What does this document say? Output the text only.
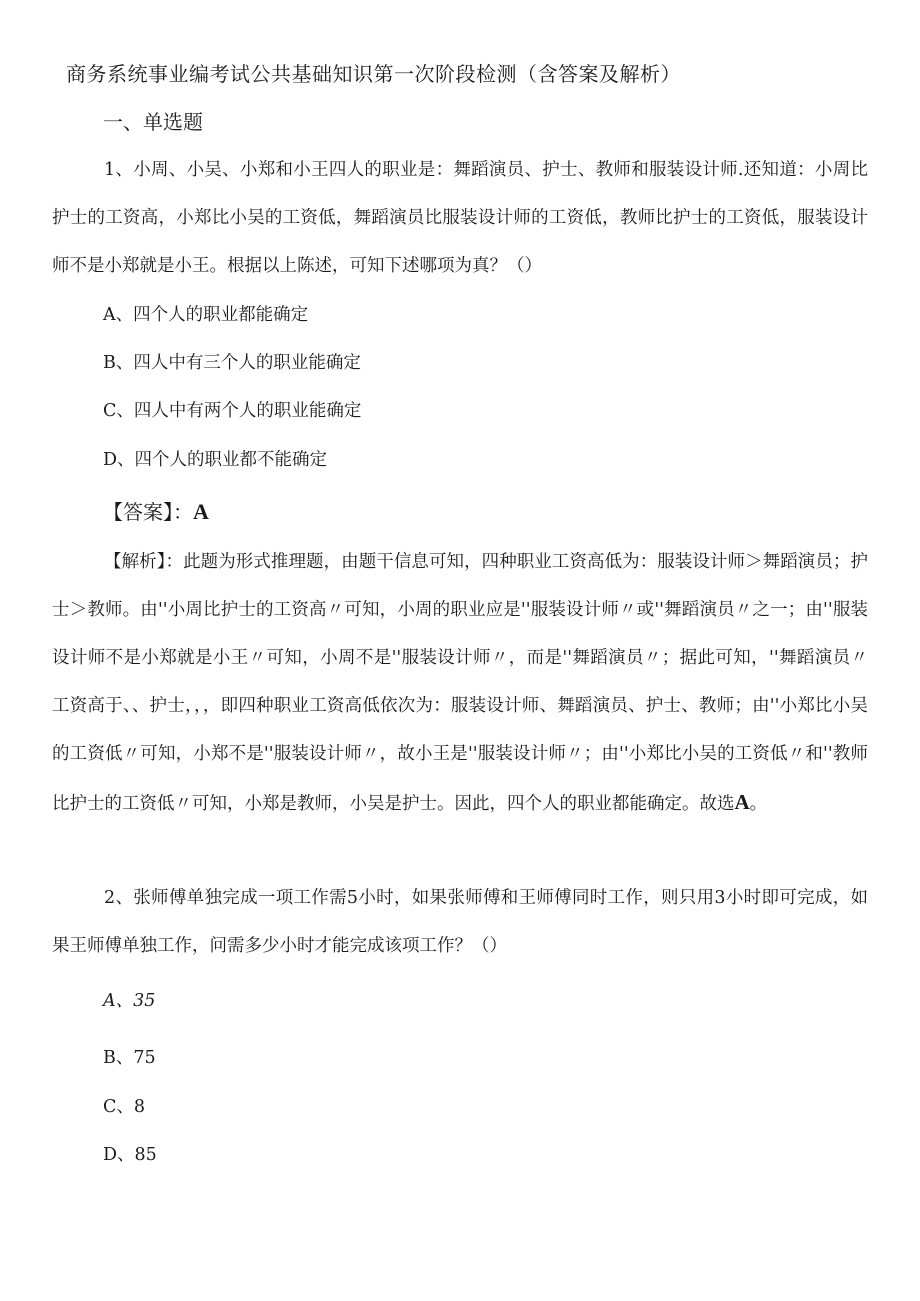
商务系统事业编考试公共基础知识第一次阶段检测（含答案及解析）
一、单选题
1、小周、小吴、小郑和小王四人的职业是：舞蹈演员、护士、教师和服装设计师.还知道：小周比护士的工资高，小郑比小吴的工资低，舞蹈演员比服装设计师的工资低，教师比护士的工资低，服装设计师不是小郑就是小王。根据以上陈述，可知下述哪项为真？（）
A、四个人的职业都能确定
B、四人中有三个人的职业能确定
C、四人中有两个人的职业能确定
D、四个人的职业都不能确定
【答案】：A
【解析】：此题为形式推理题，由题干信息可知，四种职业工资高低为：服装设计师＞舞蹈演员；护士＞教师。由''小周比护士的工资高〃可知，小周的职业应是''服装设计师〃或''舞蹈演员〃之一；由''服装设计师不是小郑就是小王〃可知，小周不是''服装设计师〃，而是''舞蹈演员〃；据此可知，''舞蹈演员〃工资高于、、护士，，，即四种职业工资高低依次为：服装设计师、舞蹈演员、护士、教师；由''小郑比小吴的工资低〃可知，小郑不是''服装设计师〃，故小王是''服装设计师〃；由''小郑比小吴的工资低〃和''教师比护士的工资低〃可知，小郑是教师，小吴是护士。因此，四个人的职业都能确定。故选A。
2、张师傅单独完成一项工作需5小时，如果张师傅和王师傅同时工作，则只用3小时即可完成，如果王师傅单独工作，问需多少小时才能完成该项工作？（）
A、35
B、75
C、8
D、85
